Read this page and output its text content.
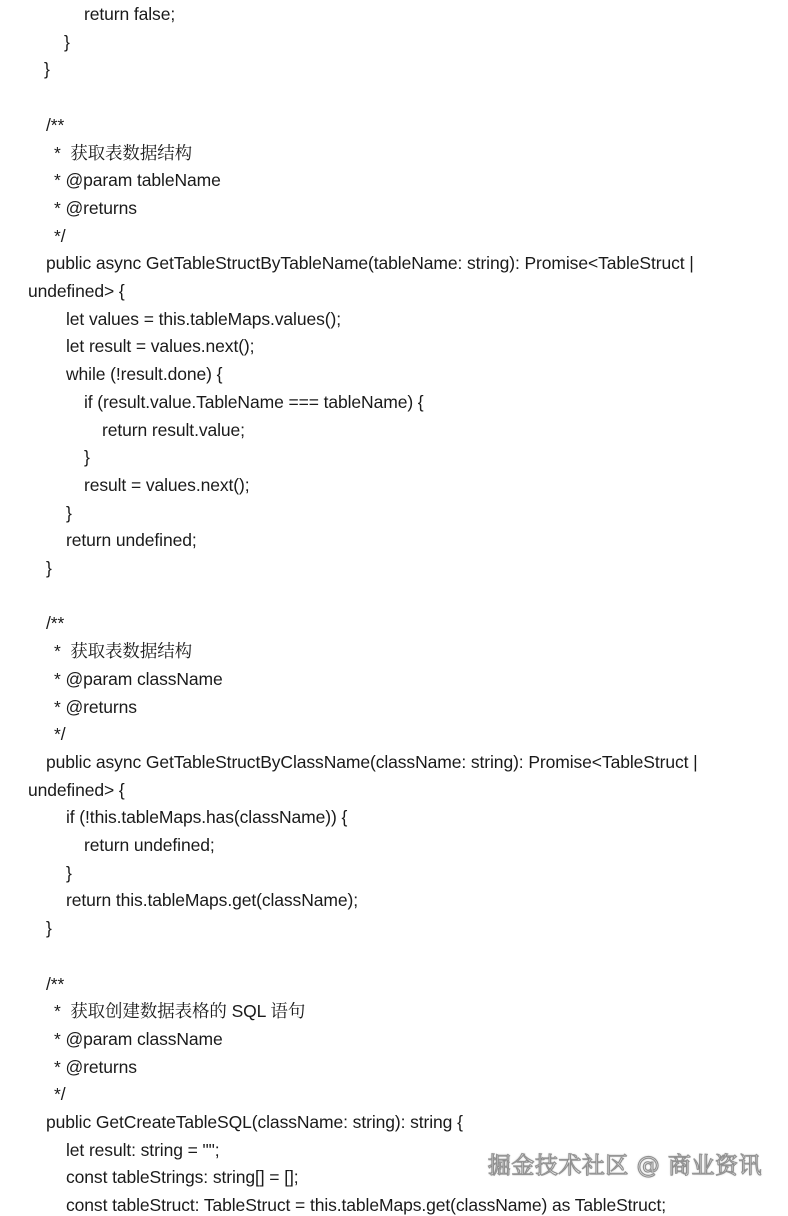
return false;
}
}
/**
*  获取表数据结构
* @param tableName
* @returns
*/
public async GetTableStructByTableName(tableName: string): Promise<TableStruct |
undefined> {
let values = this.tableMaps.values();
let result = values.next();
while (!result.done) {
if (result.value.TableName === tableName) {
return result.value;
}
result = values.next();
}
return undefined;
}
/**
*  获取表数据结构
* @param className
* @returns
*/
public async GetTableStructByClassName(className: string): Promise<TableStruct |
undefined> {
if (!this.tableMaps.has(className)) {
return undefined;
}
return this.tableMaps.get(className);
}
/**
*  获取创建数据表格的 SQL 语句
* @param className
* @returns
*/
public GetCreateTableSQL(className: string): string {
let result: string = "";
const tableStrings: string[] = [];
const tableStruct: TableStruct = this.tableMaps.get(className) as TableStruct;
掘金技术社区 @ 商业资讯
